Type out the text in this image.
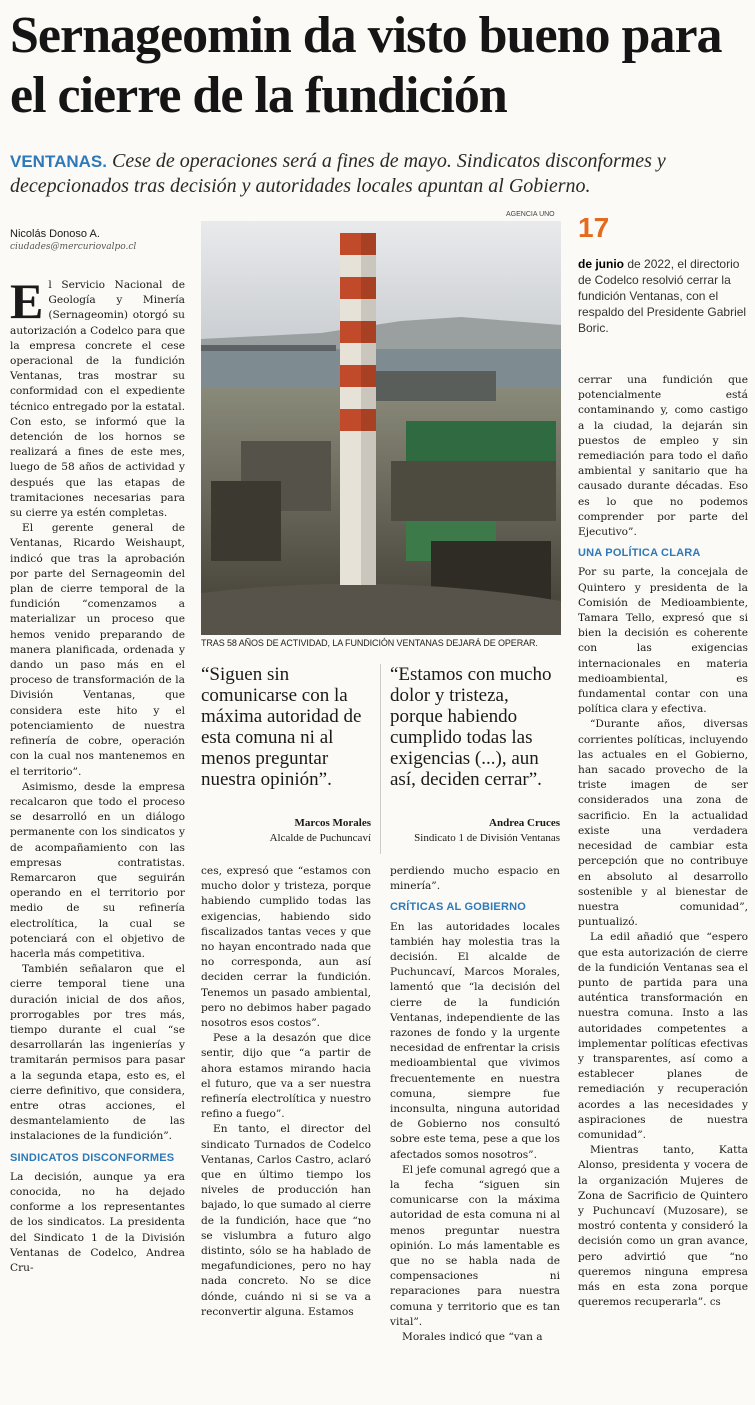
Sernageomin da visto bueno para el cierre de la fundición

VENTANAS. Cese de operaciones será a fines de mayo. Sindicatos disconformes y decepcionados tras decisión y autoridades locales apuntan al Gobierno.

Nicolás Donoso A.
ciudades@mercuriovalpo.cl
AGENCIA UNO
TRAS 58 AÑOS DE ACTIVIDAD, LA FUNDICIÓN VENTANAS DEJARÁ DE OPERAR.
17
de junio de 2022, el directorio de Codelco resolvió cerrar la fundición Ventanas, con el respaldo del Presidente Gabriel Boric.

El Servicio Nacional de Geología y Minería (Sernageomin) otorgó su autorización a Codelco para que la empresa concrete el cese operacional de la fundición Ventanas, tras mostrar su conformidad con el expediente técnico entregado por la estatal. Con esto, se informó que la detención de los hornos se realizará a fines de este mes, luego de 58 años de actividad y después que las etapas de tramitaciones necesarias para su cierre ya estén completas.

El gerente general de Ventanas, Ricardo Weishaupt, indicó que tras la aprobación por parte del Sernageomin del plan de cierre temporal de la fundición “comenzamos a materializar un proceso que hemos venido preparando de manera planificada, ordenada y dando un paso más en el proceso de transformación de la División Ventanas, que considera este hito y el potenciamiento de nuestra refinería de cobre, operación con la cual nos mantenemos en el territorio”.

Asimismo, desde la empresa recalcaron que todo el proceso se desarrolló en un diálogo permanente con los sindicatos y de acompañamiento con las empresas contratistas. Remarcaron que seguirán operando en el territorio por medio de su refinería electrolítica, la cual se potenciará con el objetivo de hacerla más competitiva.

También señalaron que el cierre temporal tiene una duración inicial de dos años, prorrogables por tres más, tiempo durante el cual “se desarrollarán las ingenierías y tramitarán permisos para pasar a la segunda etapa, esto es, el cierre definitivo, que considera, entre otras acciones, el desmantelamiento de las instalaciones de la fundición”.

SINDICATOS DISCONFORMES

La decisión, aunque ya era conocida, no ha dejado conforme a los representantes de los sindicatos. La presidenta del Sindicato 1 de la División Ventanas de Codelco, Andrea Cru-

“Siguen sin comunicarse con la máxima autoridad de esta comuna ni al menos preguntar nuestra opinión”.
Marcos Morales
Alcalde de Puchuncaví
“Estamos con mucho dolor y tristeza, porque habiendo cumplido todas las exigencias (...), aun así, deciden cerrar”.
Andrea Cruces
Sindicato 1 de División Ventanas

ces, expresó que “estamos con mucho dolor y tristeza, porque habiendo cumplido todas las exigencias, habiendo sido fiscalizados tantas veces y que no hayan encontrado nada que no corresponda, aun así deciden cerrar la fundición. Tenemos un pasado ambiental, pero no debimos haber pagado nosotros esos costos”.

Pese a la desazón que dice sentir, dijo que “a partir de ahora estamos mirando hacia el futuro, que va a ser nuestra refinería electrolítica y nuestro refino a fuego”.

En tanto, el director del sindicato Turnados de Codelco Ventanas, Carlos Castro, aclaró que en último tiempo los niveles de producción han bajado, lo que sumado al cierre de la fundición, hace que “no se vislumbra a futuro algo distinto, sólo se ha hablado de megafundiciones, pero no hay nada concreto. No se dice dónde, cuándo ni si se va a reconvertir alguna. Estamos

perdiendo mucho espacio en minería”.

CRÍTICAS AL GOBIERNO

En las autoridades locales también hay molestia tras la decisión. El alcalde de Puchuncaví, Marcos Morales, lamentó que “la decisión del cierre de la fundición Ventanas, independiente de las razones de fondo y la urgente necesidad de enfrentar la crisis medioambiental que vivimos frecuentemente en nuestra comuna, siempre fue inconsulta, ninguna autoridad de Gobierno nos consultó sobre este tema, pese a que los afectados somos nosotros”.

El jefe comunal agregó que a la fecha “siguen sin comunicarse con la máxima autoridad de esta comuna ni al menos preguntar nuestra opinión. Lo más lamentable es que no se habla nada de compensaciones ni reparaciones para nuestra comuna y territorio que es tan vital”.

Morales indicó que “van a

cerrar una fundición que potencialmente está contaminando y, como castigo a la ciudad, la dejarán sin puestos de empleo y sin remediación para todo el daño ambiental y sanitario que ha causado durante décadas. Eso es lo que no podemos comprender por parte del Ejecutivo”.

UNA POLÍTICA CLARA

Por su parte, la concejala de Quintero y presidenta de la Comisión de Medioambiente, Tamara Tello, expresó que si bien la decisión es coherente con las exigencias internacionales en materia medioambiental, es fundamental contar con una política clara y efectiva.

“Durante años, diversas corrientes políticas, incluyendo las actuales en el Gobierno, han sacado provecho de la triste imagen de ser considerados una zona de sacrificio. En la actualidad existe una verdadera necesidad de cambiar esta percepción que no contribuye en absoluto al desarrollo sostenible y al bienestar de nuestra comunidad”, puntualizó.

La edil añadió que “espero que esta autorización de cierre de la fundición Ventanas sea el punto de partida para una auténtica transformación en nuestra comuna. Insto a las autoridades competentes a implementar políticas efectivas y transparentes, así como a establecer planes de remediación y recuperación acordes a las necesidades y aspiraciones de nuestra comunidad”.

Mientras tanto, Katta Alonso, presidenta y vocera de la organización Mujeres de Zona de Sacrificio de Quintero y Puchuncaví (Muzosare), se mostró contenta y consideró la decisión como un gran avance, pero advirtió que “no queremos ninguna empresa más en esta zona porque queremos recuperarla”. cs
